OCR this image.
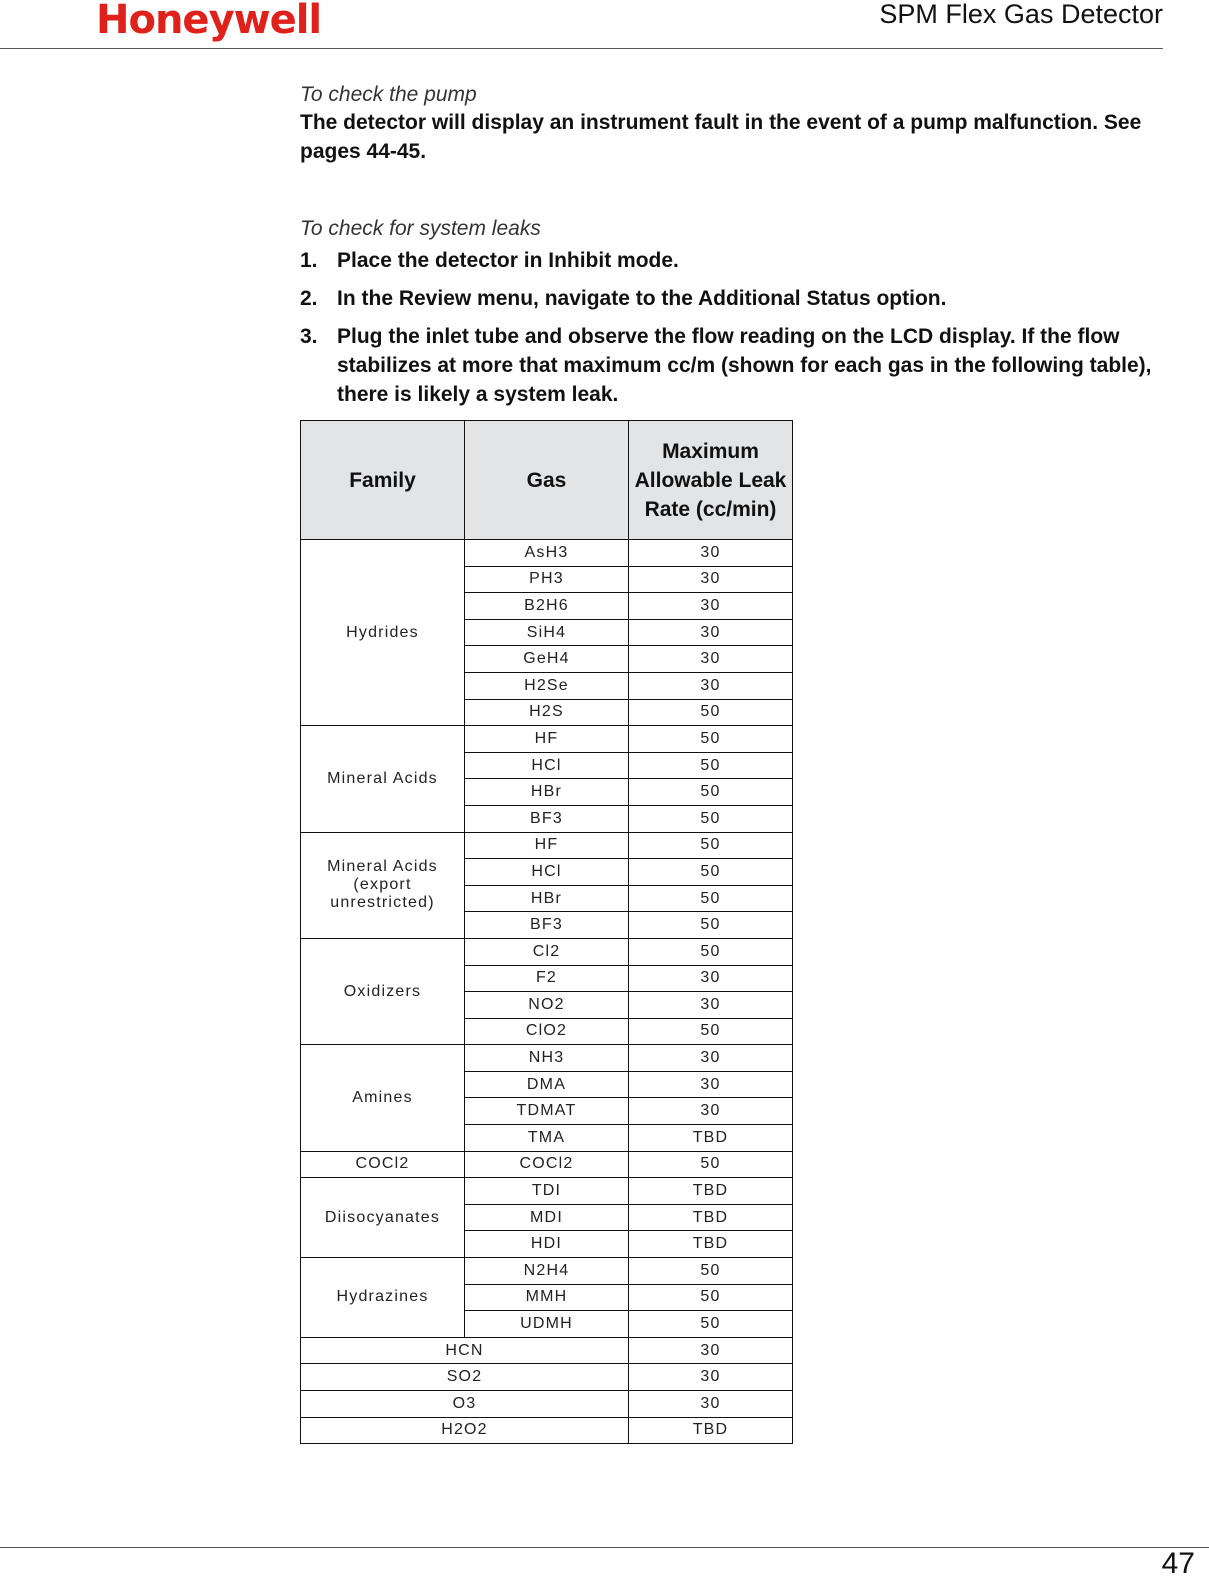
Honeywell	SPM Flex Gas Detector

To check the pump

The detector will display an instrument fault in the event of a pump malfunction. See pages 44-45.

To check for system leaks

1. Place the detector in Inhibit mode.
2. In the Review menu, navigate to the Additional Status option.
3. Plug the inlet tube and observe the flow reading on the LCD display. If the flow stabilizes at more that maximum cc/m (shown for each gas in the following table), there is likely a system leak.
Family	Gas	Maximum Allowable Leak Rate (cc/min)
Hydrides	AsH3	30
	PH3	30
	B2H6	30
	SiH4	30
	GeH4	30
	H2Se	30
	H2S	50
Mineral Acids	HF	50
	HCl	50
	HBr	50
	BF3	50
Mineral Acids (export unrestricted)	HF	50
	HCl	50
	HBr	50
	BF3	50
Oxidizers	Cl2	50
	F2	30
	NO2	30
	ClO2	50
Amines	NH3	30
	DMA	30
	TDMAT	30
	TMA	TBD
COCl2	COCl2	50
Diisocyanates	TDI	TBD
	MDI	TBD
	HDI	TBD
Hydrazines	N2H4	50
	MMH	50
	UDMH	50
HCN		30
SO2		30
O3		30
H2O2		TBD
47
